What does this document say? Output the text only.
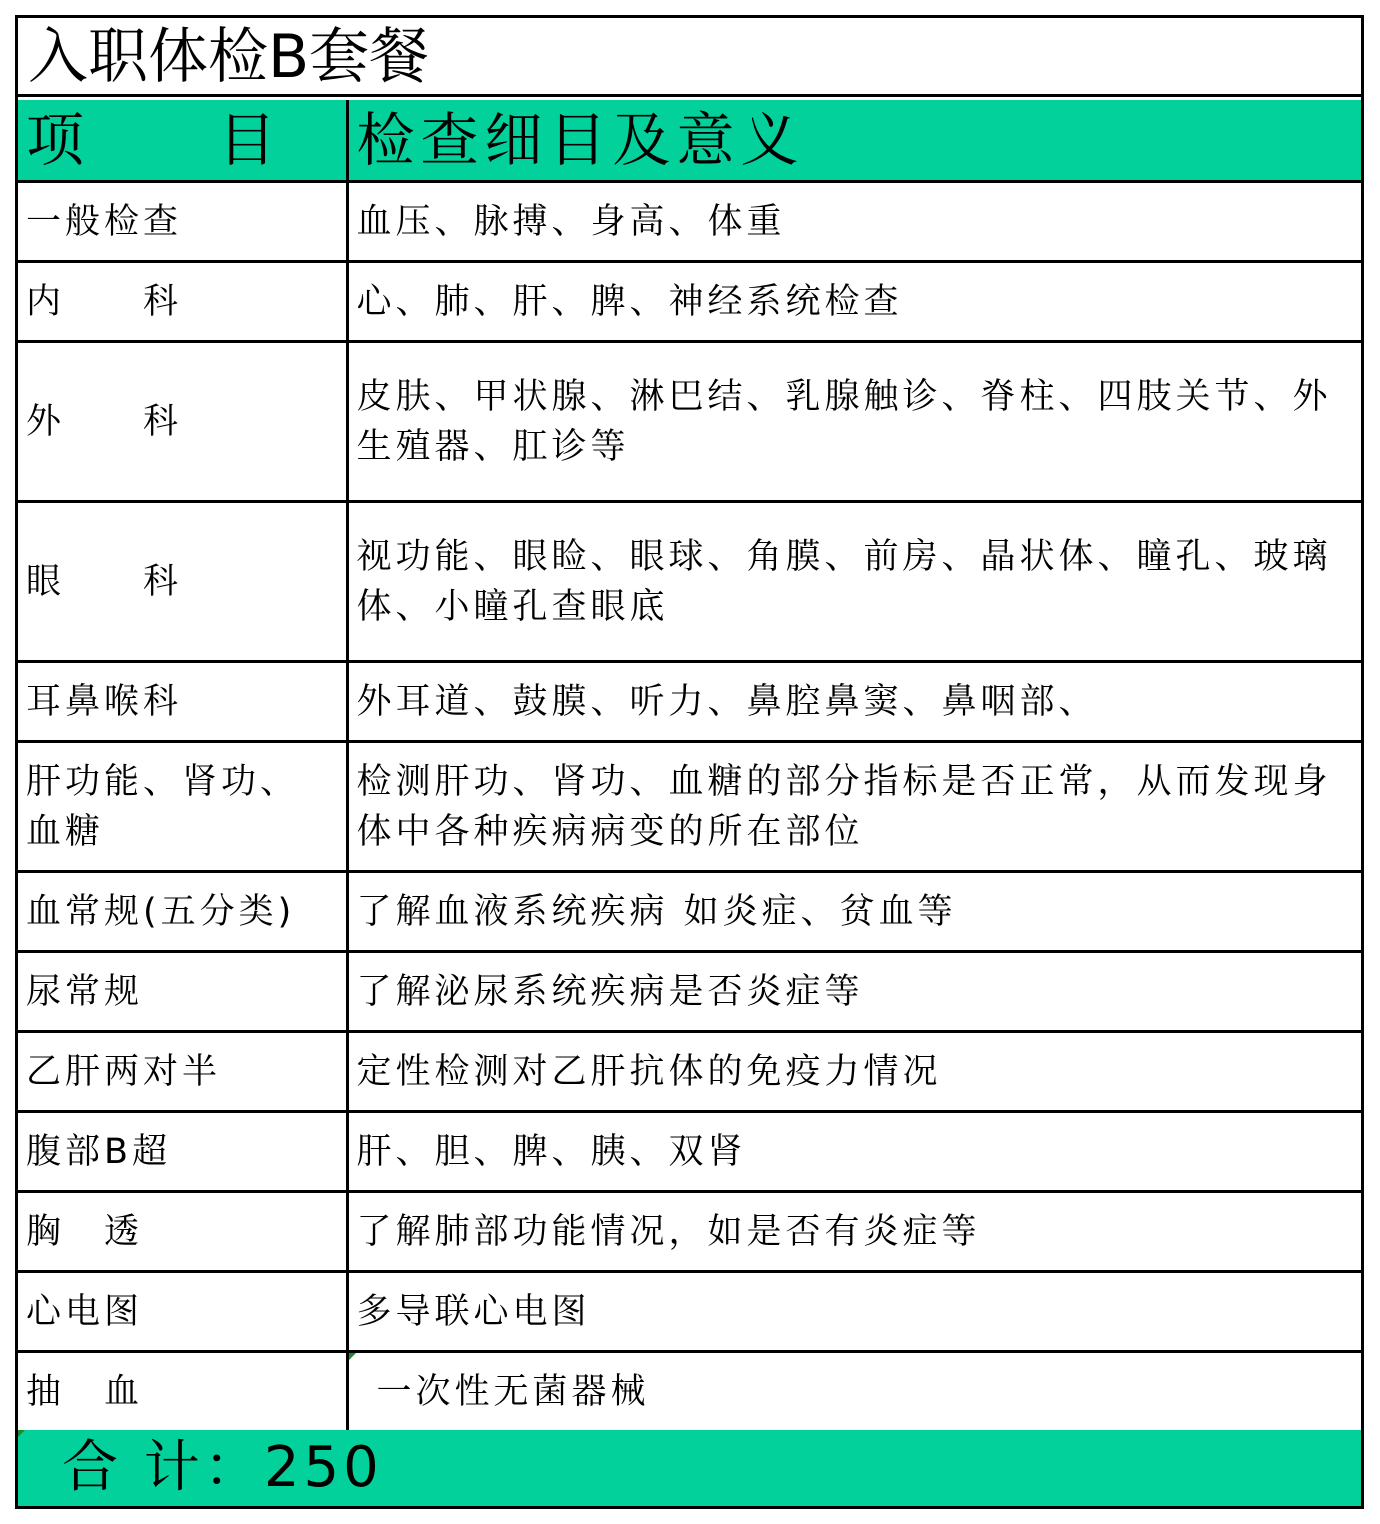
入职体检B套餐
项　　目	检查细目及意义
一般检查	血压、脉搏、身高、体重
内　　科	心、肺、肝、脾、神经系统检查
外　　科	皮肤、甲状腺、淋巴结、乳腺触诊、脊柱、四肢关节、外生殖器、肛诊等

眼　　科	视功能、眼睑、眼球、角膜、前房、晶状体、瞳孔、玻璃体、小瞳孔查眼底

耳鼻喉科	外耳道、鼓膜、听力、鼻腔鼻窦、鼻咽部、

肝功能、肾功、血糖	检测肝功、肾功、血糖的部分指标是否正常，从而发现身体中各种疾病病变的所在部位

血常规(五分类)	了解血液系统疾病 如炎症、贫血等
尿常规	了解泌尿系统疾病是否炎症等
乙肝两对半	定性检测对乙肝抗体的免疫力情况
腹部B超	肝、胆、脾、胰、双肾
胸　透	了解肺部功能情况，如是否有炎症等
心电图	多导联心电图
抽　血	一次性无菌器械
合 计：250
